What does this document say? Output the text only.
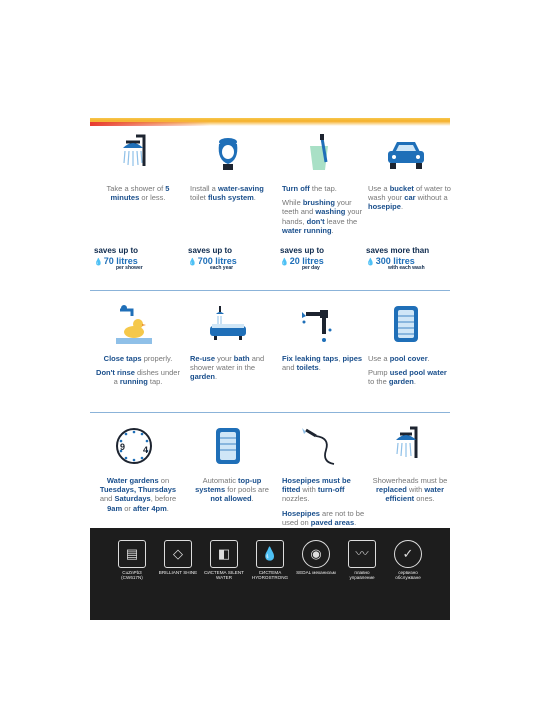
Take a shower of 5 minutes or less.

saves up to
💧 70 litres
per shower

Install a water-saving toilet flush system.

saves up to
💧 700 litres
each year

Turn off the tap.

While brushing your teeth and washing your hands, don't leave the water running.

saves up to
💧 20 litres
per day

Use a bucket of water to wash your car without a hosepipe.

saves more than
💧 300 litres
with each wash

Close taps properly.

Don't rinse dishes under a running tap.

Re-use your bath and shower water in the garden.

Fix leaking taps, pipes and toilets.

Use a pool cover.

Pump used pool water to the garden.

9 4

Water gardens on Tuesdays, Thursdays and Saturdays, before 9am or after 4pm.

Automatic top-up systems for pools are not allowed.

Hosepipes must be fitted with turn-off nozzles.

Hosepipes are not to be used on paved areas.

Showerheads must be replaced with water efficient ones.

▤
CuZnPb3 (CW617N)
◇
BRILLIANT SHINE
◧
СИСТЕМА SILENT WATER
💧
СИСТЕМА HYDROSTRONG
◉
SEDAL механизъм
〰
плавно управление
✓
сервизно обслужване
